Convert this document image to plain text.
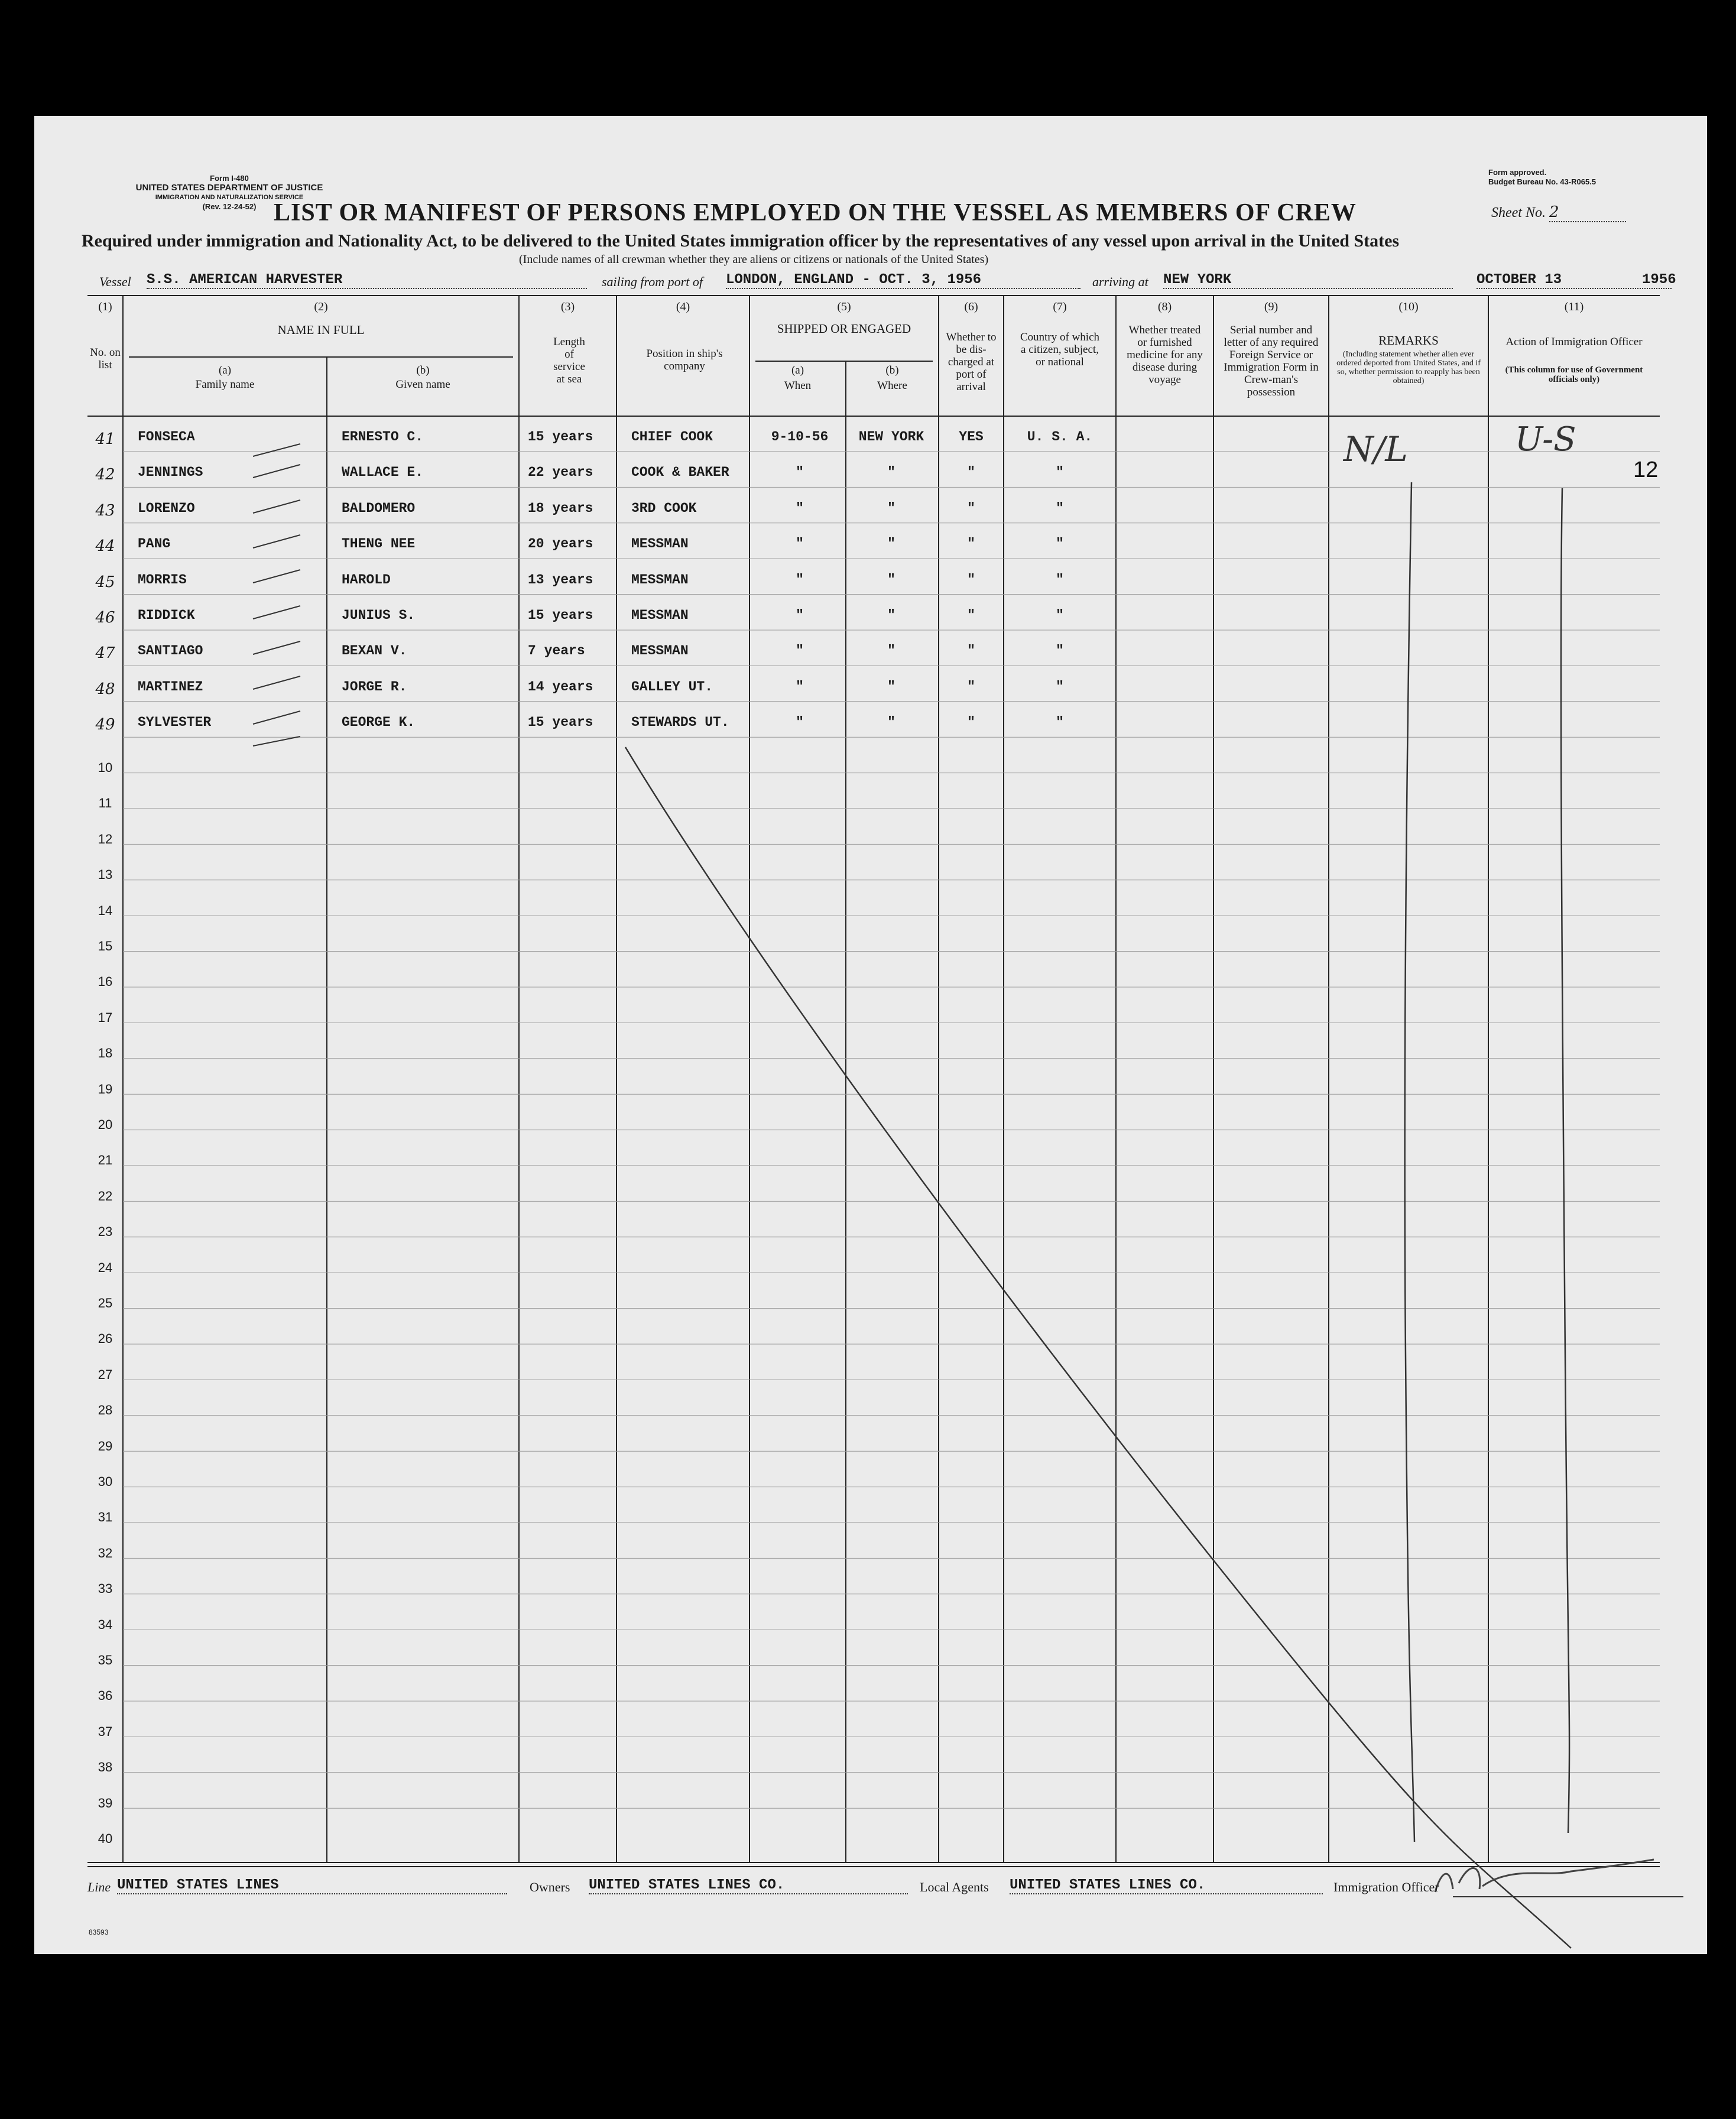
Form I-480
UNITED STATES DEPARTMENT OF JUSTICE
IMMIGRATION AND NATURALIZATION SERVICE
(Rev. 12-24-52)
Form approved.
Budget Bureau No. 43-R065.5
LIST OR MANIFEST OF PERSONS EMPLOYED ON THE VESSEL AS MEMBERS OF CREW	Sheet No. 2
Required under immigration and Nationality Act, to be delivered to the United States immigration officer by the representatives of any vessel upon arrival in the United States
(Include names of all crewman whether they are aliens or citizens or nationals of the United States)
Vessel S.S. AMERICAN HARVESTER	sailing from port of LONDON, ENGLAND - OCT. 3, 1956	arriving at NEW YORK	OCTOBER 13	1956
(1)
No. on list
(2)
NAME IN FULL
(a)
Family name
(b)
Given name
(3)
Length of service at sea
(4)
Position in ship's company
(5)
SHIPPED OR ENGAGED
(a)
When
(b)
Where
(6)
Whether to be dis-charged at port of arrival
(7)
Country of which a citizen, subject, or national
(8)
Whether treated or furnished medicine for any disease during voyage
(9)
Serial number and letter of any required Foreign Service or Immigration Form in Crew-man's possession
(10)
REMARKS
(Including statement whether alien ever ordered deported from United States, and if so, whether permission to reapply has been obtained)
(11)
Action of Immigration Officer
(This column for use of Government officials only)
41 FONSECA	ERNESTO C.	15 years	CHIEF COOK	9-10-56	NEW YORK	YES	U. S. A.
42 JENNINGS	WALLACE E.	22 years	COOK & BAKER	"	"	"	"
43 LORENZO	BALDOMERO	18 years	3RD COOK	"	"	"	"
44 PANG	THENG NEE	20 years	MESSMAN	"	"	"	"
45 MORRIS	HAROLD	13 years	MESSMAN	"	"	"	"
46 RIDDICK	JUNIUS S.	15 years	MESSMAN	"	"	"	"
47 SANTIAGO	BEXAN V.	7 years	MESSMAN	"	"	"	"
48 MARTINEZ	JORGE R.	14 years	GALLEY UT.	"	"	"	"
49 SYLVESTER	GEORGE K.	15 years	STEWARDS UT.	"	"	"	"
10
11
12
13
14
15
16
17
18
19
20
21
22
23
24
25
26
27
28
29
30
31
32
33
34
35
36
37
38
39
40
N/L	U-S
12
Line UNITED STATES LINES	Owners UNITED STATES LINES CO.	Local Agents UNITED STATES LINES CO.	Immigration Officer
83593
